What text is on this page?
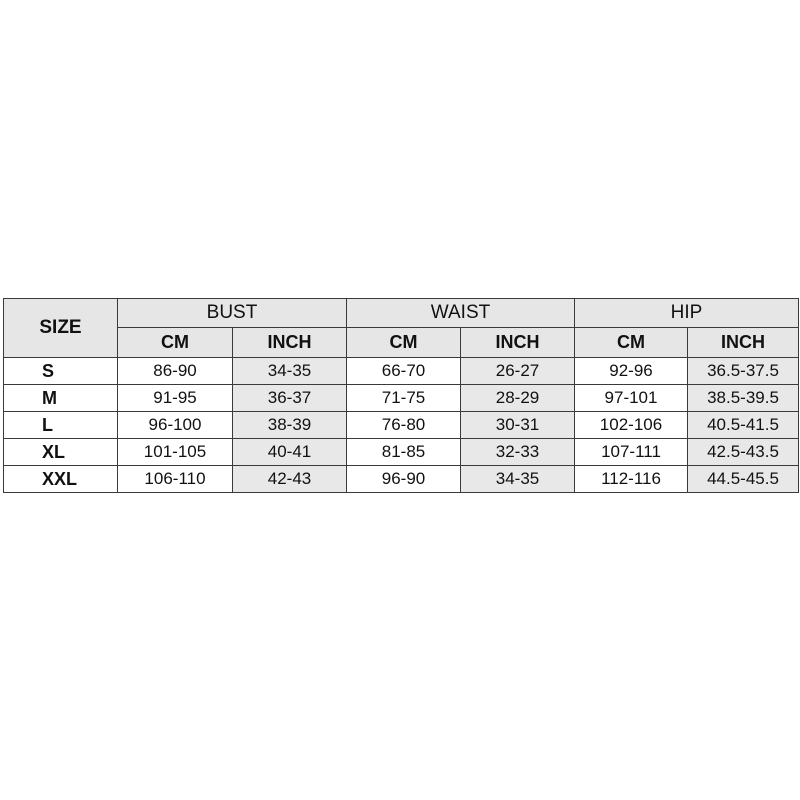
SIZE	BUST		WAIST		HIP	
	CM	INCH	CM	INCH	CM	INCH
S	86-90	34-35	66-70	26-27	92-96	36.5-37.5
M	91-95	36-37	71-75	28-29	97-101	38.5-39.5
L	96-100	38-39	76-80	30-31	102-106	40.5-41.5
XL	101-105	40-41	81-85	32-33	107-111	42.5-43.5
XXL	106-110	42-43	96-90	34-35	112-116	44.5-45.5
